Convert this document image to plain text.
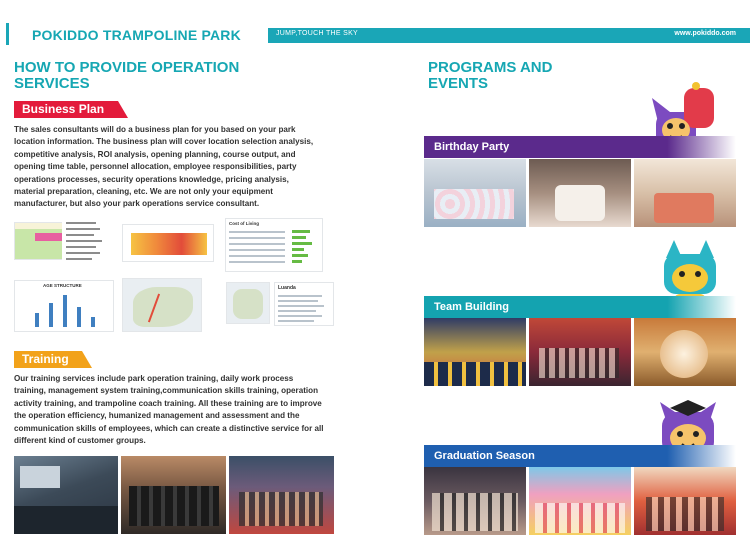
POKIDDO TRAMPOLINE PARK	JUMP,TOUCH THE SKY	www.pokiddo.com
HOW TO PROVIDE OPERATION
SERVICES
Business Plan
The sales consultants will do a business plan for you based on your park location information. The business plan will cover location selection analysis, competitive analysis, ROI analysis, opening planning, course output, and opening time table, personnel allocation, employee responsibilities, party operations processes, security operations knowledge, pricing analysis, material preparation, cleaning, etc. We are not only your equipment manufacturer, but also your park operations service consultant.
Cost of Living
AGE STRUCTURE	Luanda
Training
Our training services include park operation training, daily work process training, management system training,communication skills training, operation activity training, and trampoline coach training. All these training are to improve the operation efficiency, humanized management and assessment and the communication skills of employees, which can create a distinctive service for all different kind of customer groups.
PROGRAMS AND
EVENTS
Birthday Party
Team Building
Graduation Season
